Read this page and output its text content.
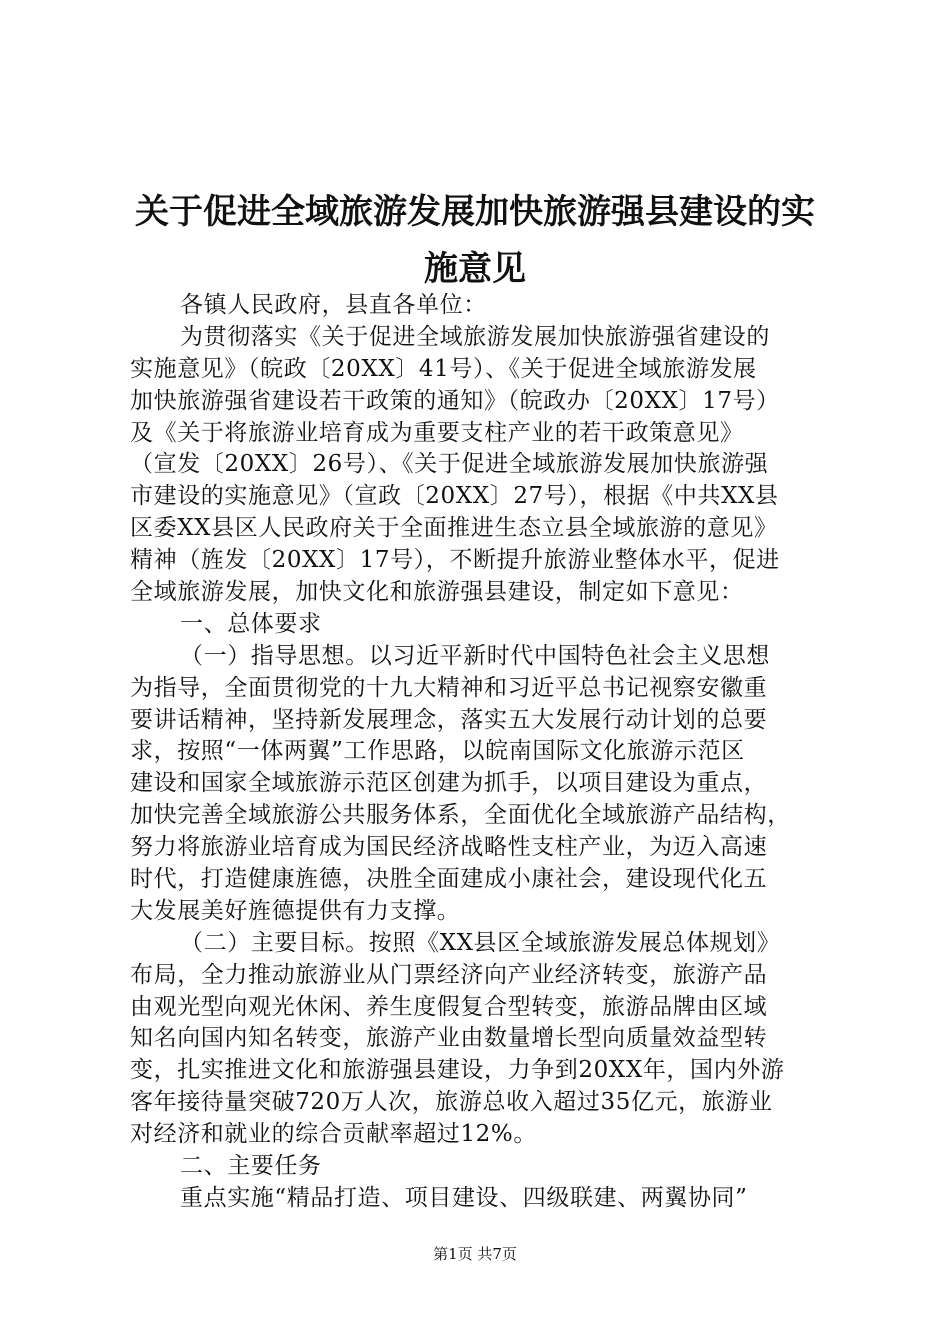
关于促进全域旅游发展加快旅游强县建设的实
施意见
各镇人民政府，县直各单位：
为贯彻落实《关于促进全域旅游发展加快旅游强省建设的
实施意见》（皖政〔20XX〕41号）、《关于促进全域旅游发展
加快旅游强省建设若干政策的通知》（皖政办〔20XX〕17号）
及《关于将旅游业培育成为重要支柱产业的若干政策意见》
（宣发〔20XX〕26号）、《关于促进全域旅游发展加快旅游强
市建设的实施意见》（宣政〔20XX〕27号），根据《中共XX县
区委XX县区人民政府关于全面推进生态立县全域旅游的意见》
精神（旌发〔20XX〕17号），不断提升旅游业整体水平，促进
全域旅游发展，加快文化和旅游强县建设，制定如下意见：
一、总体要求
（一）指导思想。以习近平新时代中国特色社会主义思想
为指导，全面贯彻党的十九大精神和习近平总书记视察安徽重
要讲话精神，坚持新发展理念，落实五大发展行动计划的总要
求，按照“一体两翼”工作思路，以皖南国际文化旅游示范区
建设和国家全域旅游示范区创建为抓手，以项目建设为重点，
加快完善全域旅游公共服务体系，全面优化全域旅游产品结构，
努力将旅游业培育成为国民经济战略性支柱产业，为迈入高速
时代，打造健康旌德，决胜全面建成小康社会，建设现代化五
大发展美好旌德提供有力支撑。
（二）主要目标。按照《XX县区全域旅游发展总体规划》
布局，全力推动旅游业从门票经济向产业经济转变，旅游产品
由观光型向观光休闲、养生度假复合型转变，旅游品牌由区域
知名向国内知名转变，旅游产业由数量增长型向质量效益型转
变，扎实推进文化和旅游强县建设，力争到20XX年，国内外游
客年接待量突破720万人次，旅游总收入超过35亿元，旅游业
对经济和就业的综合贡献率超过12%。
二、主要任务
重点实施“精品打造、项目建设、四级联建、两翼协同”
第1页 共7页
